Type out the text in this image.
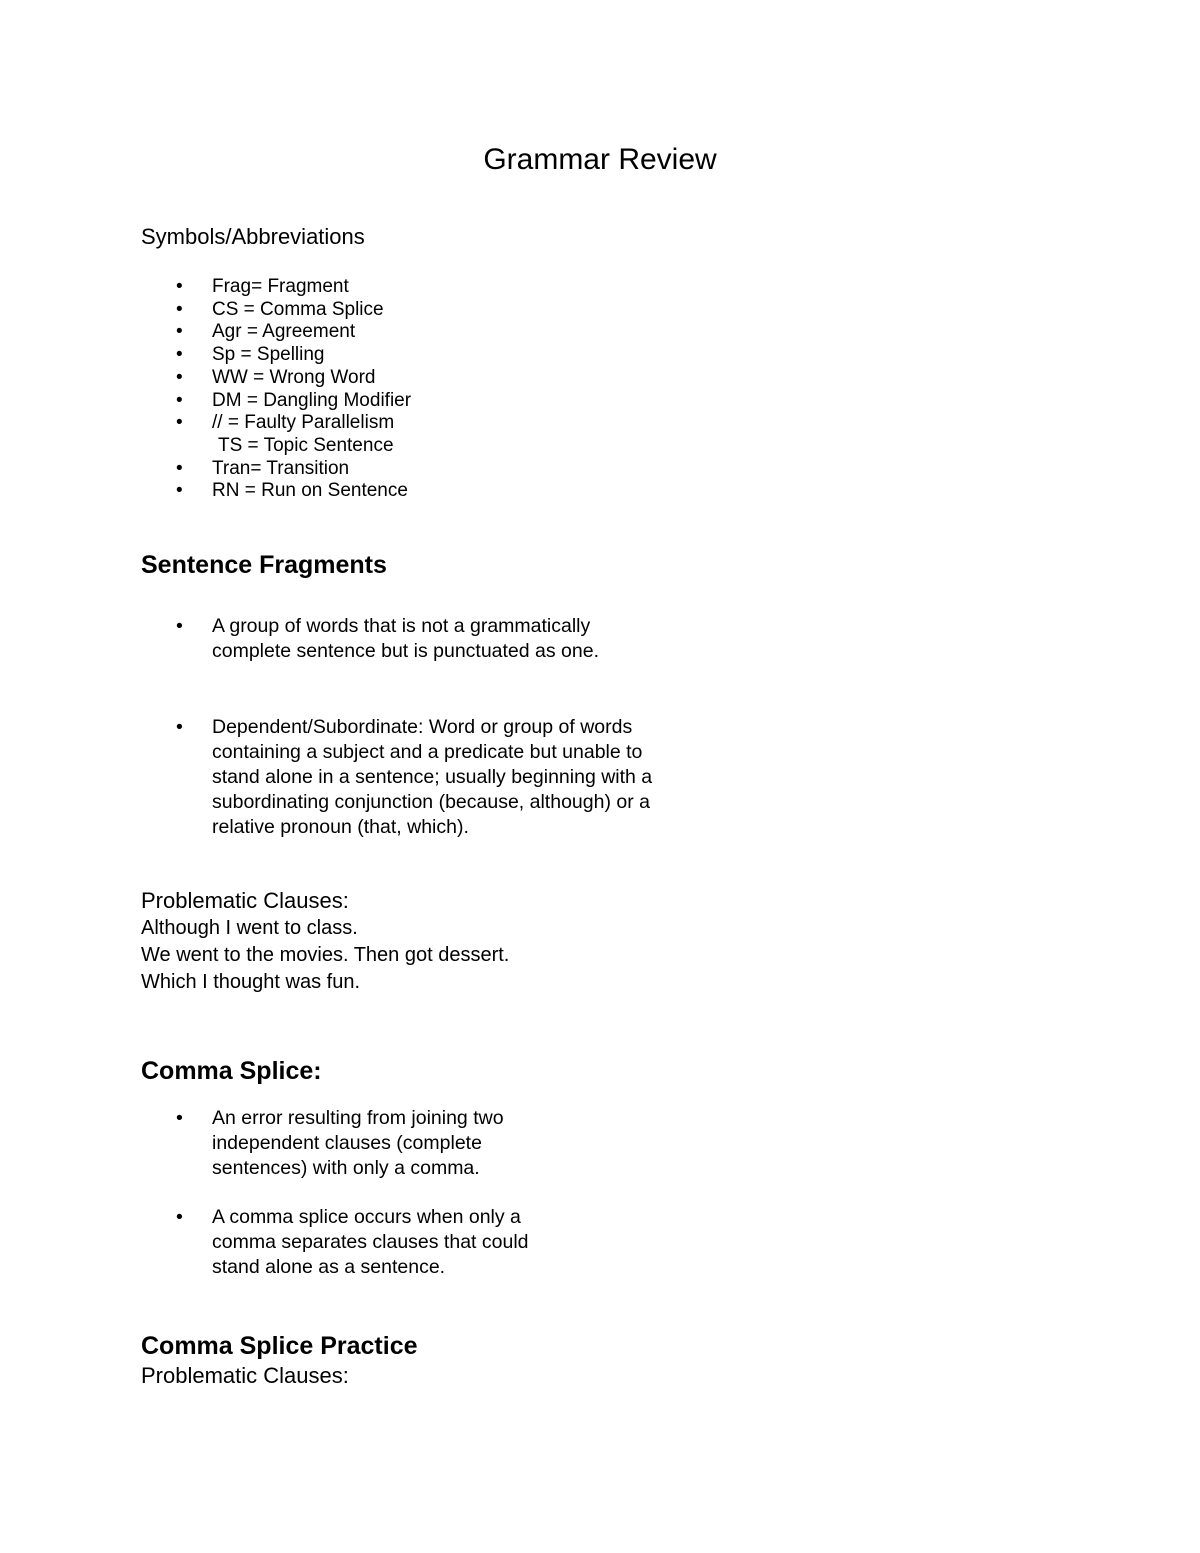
Grammar Review

Symbols/Abbreviations

• Frag= Fragment
• CS = Comma Splice
• Agr = Agreement
• Sp = Spelling
• WW = Wrong Word
• DM = Dangling Modifier
• // = Faulty Parallelism
TS = Topic Sentence
• Tran= Transition
• RN = Run on Sentence
Sentence Fragments
• A group of words that is not a grammatically complete sentence but is punctuated as one.
• Dependent/Subordinate: Word or group of words containing a subject and a predicate but unable to stand alone in a sentence; usually beginning with a subordinating conjunction (because, although) or a relative pronoun (that, which).

Problematic Clauses:

Although I went to class.

We went to the movies. Then got dessert.

Which I thought was fun.

Comma Splice:
• An error resulting from joining two independent clauses (complete sentences) with only a comma.
• A comma splice occurs when only a comma separates clauses that could stand alone as a sentence.
Comma Splice Practice

Problematic Clauses:
